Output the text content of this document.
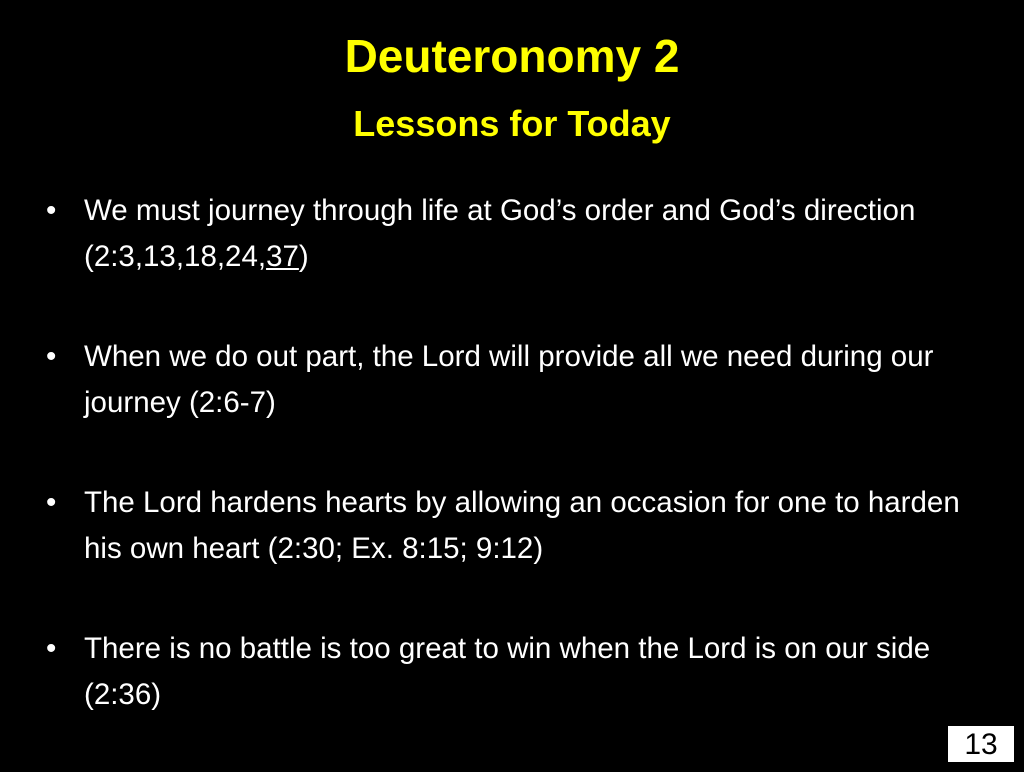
Deuteronomy 2
Lessons for Today
• We must journey through life at God’s order and God’s direction (2:3,13,18,24,37)
• When we do out part, the Lord will provide all we need during our journey (2:6-7)
• The Lord hardens hearts by allowing an occasion for one to harden his own heart (2:30; Ex. 8:15; 9:12)
• There is no battle is too great to win when the Lord is on our side (2:36)
13
